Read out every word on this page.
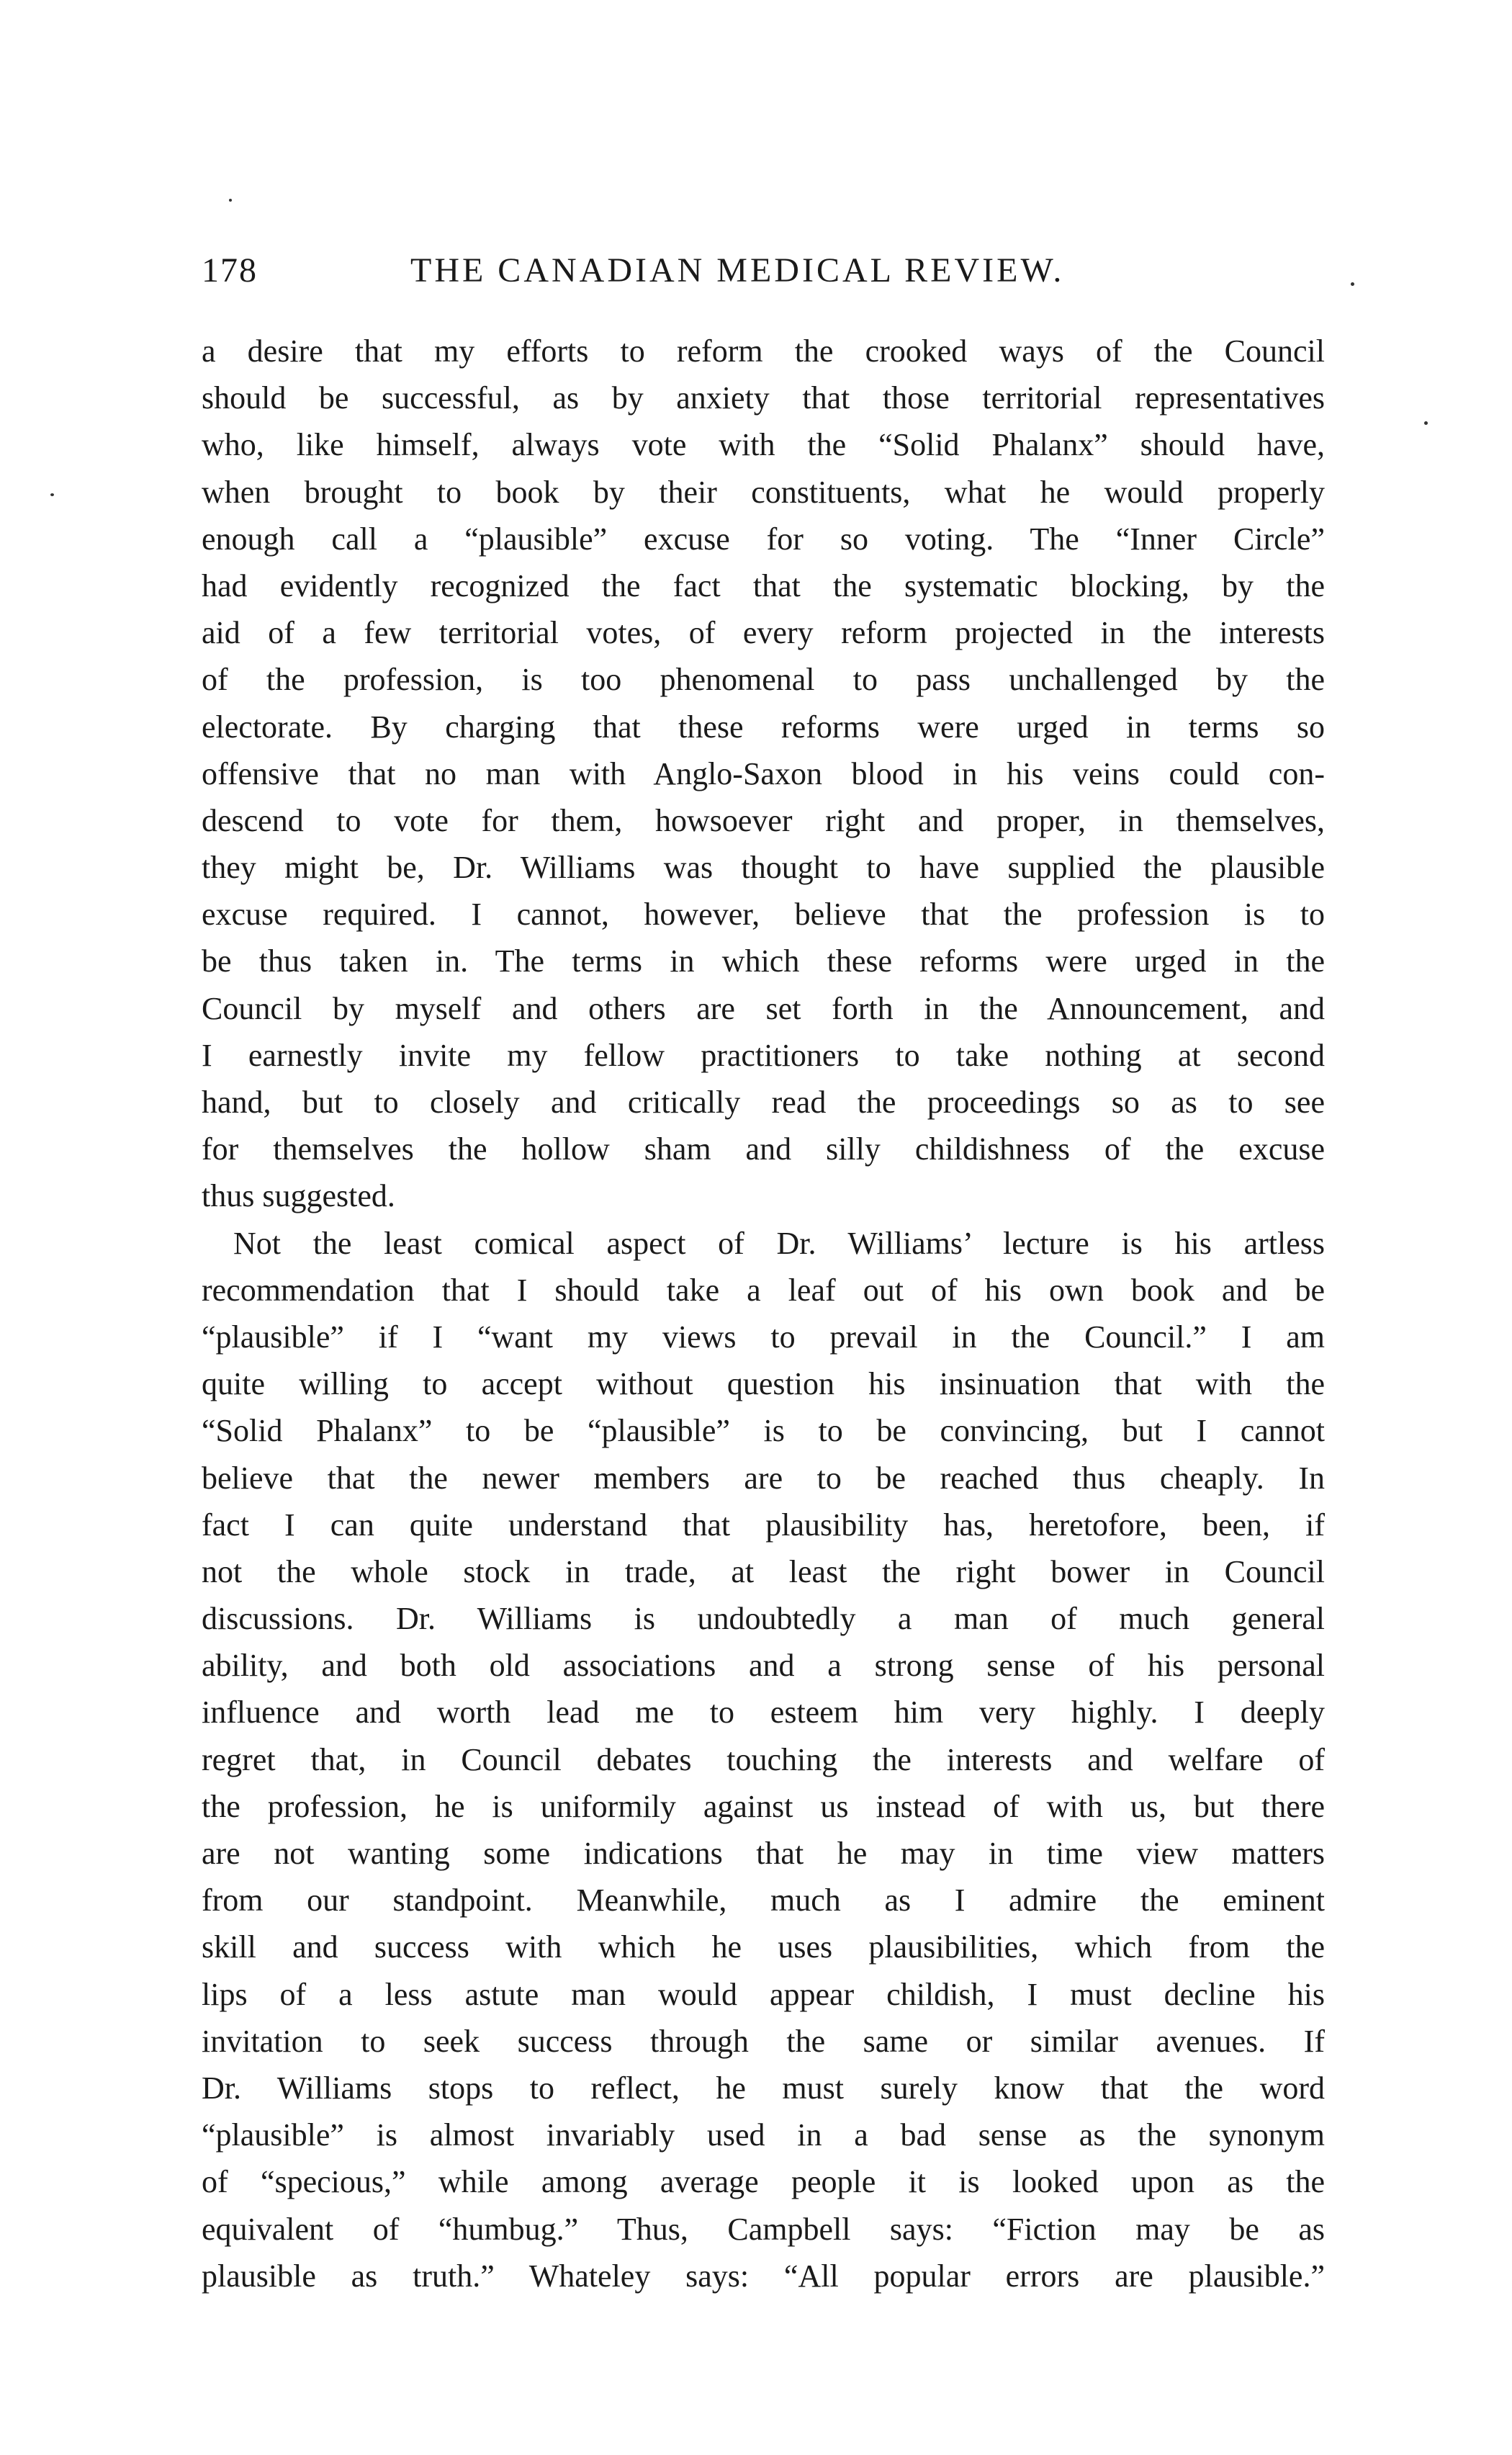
178	THE CANADIAN MEDICAL REVIEW.
a desire that my efforts to reform the crooked ways of the Council
should be successful, as by anxiety that those territorial representatives
who, like himself, always vote with the “Solid Phalanx” should have,
when brought to book by their constituents, what he would properly
enough call a “plausible” excuse for so voting. The “Inner Circle”
had evidently recognized the fact that the systematic blocking, by the
aid of a few territorial votes, of every reform projected in the interests
of the profession, is too phenomenal to pass unchallenged by the
electorate. By charging that these reforms were urged in terms so
offensive that no man with Anglo-Saxon blood in his veins could con-
descend to vote for them, howsoever right and proper, in themselves,
they might be, Dr. Williams was thought to have supplied the plausible
excuse required. I cannot, however, believe that the profession is to
be thus taken in. The terms in which these reforms were urged in the
Council by myself and others are set forth in the Announcement, and
I earnestly invite my fellow practitioners to take nothing at second
hand, but to closely and critically read the proceedings so as to see
for themselves the hollow sham and silly childishness of the excuse
thus suggested.
Not the least comical aspect of Dr. Williams’ lecture is his artless
recommendation that I should take a leaf out of his own book and be
“plausible” if I “want my views to prevail in the Council.” I am
quite willing to accept without question his insinuation that with the
“Solid Phalanx” to be “plausible” is to be convincing, but I cannot
believe that the newer members are to be reached thus cheaply. In
fact I can quite understand that plausibility has, heretofore, been, if
not the whole stock in trade, at least the right bower in Council
discussions. Dr. Williams is undoubtedly a man of much general
ability, and both old associations and a strong sense of his personal
influence and worth lead me to esteem him very highly. I deeply
regret that, in Council debates touching the interests and welfare of
the profession, he is uniformily against us instead of with us, but there
are not wanting some indications that he may in time view matters
from our standpoint. Meanwhile, much as I admire the eminent
skill and success with which he uses plausibilities, which from the
lips of a less astute man would appear childish, I must decline his
invitation to seek success through the same or similar avenues. If
Dr. Williams stops to reflect, he must surely know that the word
“plausible” is almost invariably used in a bad sense as the synonym
of “specious,” while among average people it is looked upon as the
equivalent of “humbug.” Thus, Campbell says: “Fiction may be as
plausible as truth.” Whateley says: “All popular errors are plausible.”
